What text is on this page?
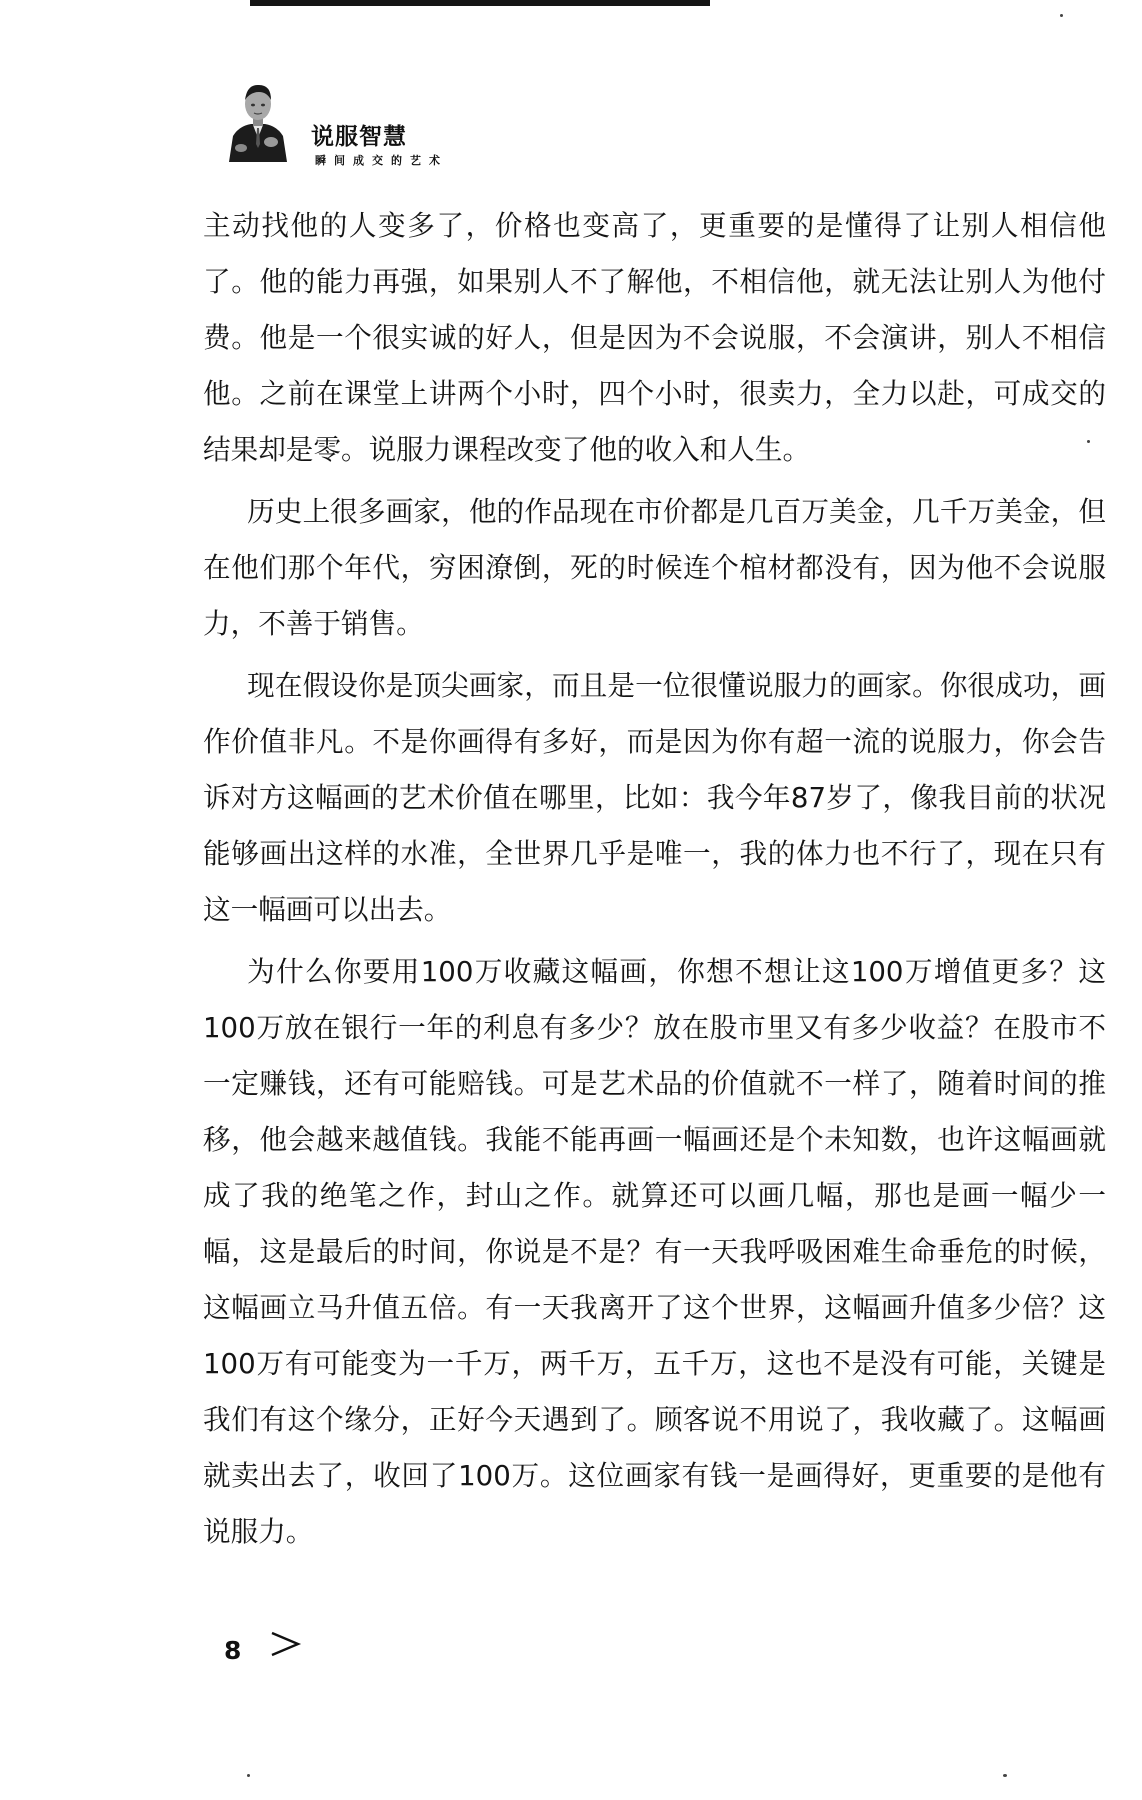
说服智慧
瞬间成交的艺术

主动找他的人变多了，价格也变高了，更重要的是懂得了让别人相信他了。他的能力再强，如果别人不了解他，不相信他，就无法让别人为他付费。他是一个很实诚的好人，但是因为不会说服，不会演讲，别人不相信他。之前在课堂上讲两个小时，四个小时，很卖力，全力以赴，可成交的结果却是零。说服力课程改变了他的收入和人生。

历史上很多画家，他的作品现在市价都是几百万美金，几千万美金，但在他们那个年代，穷困潦倒，死的时候连个棺材都没有，因为他不会说服力，不善于销售。

现在假设你是顶尖画家，而且是一位很懂说服力的画家。你很成功，画作价值非凡。不是你画得有多好，而是因为你有超一流的说服力，你会告诉对方这幅画的艺术价值在哪里，比如：我今年87岁了，像我目前的状况能够画出这样的水准，全世界几乎是唯一，我的体力也不行了，现在只有这一幅画可以出去。

为什么你要用100万收藏这幅画，你想不想让这100万增值更多？这100万放在银行一年的利息有多少？放在股市里又有多少收益？在股市不一定赚钱，还有可能赔钱。可是艺术品的价值就不一样了，随着时间的推移，他会越来越值钱。我能不能再画一幅画还是个未知数，也许这幅画就成了我的绝笔之作，封山之作。就算还可以画几幅，那也是画一幅少一幅，这是最后的时间，你说是不是？有一天我呼吸困难生命垂危的时候，这幅画立马升值五倍。有一天我离开了这个世界，这幅画升值多少倍？这100万有可能变为一千万，两千万，五千万，这也不是没有可能，关键是我们有这个缘分，正好今天遇到了。顾客说不用说了，我收藏了。这幅画就卖出去了，收回了100万。这位画家有钱一是画得好，更重要的是他有说服力。

8
